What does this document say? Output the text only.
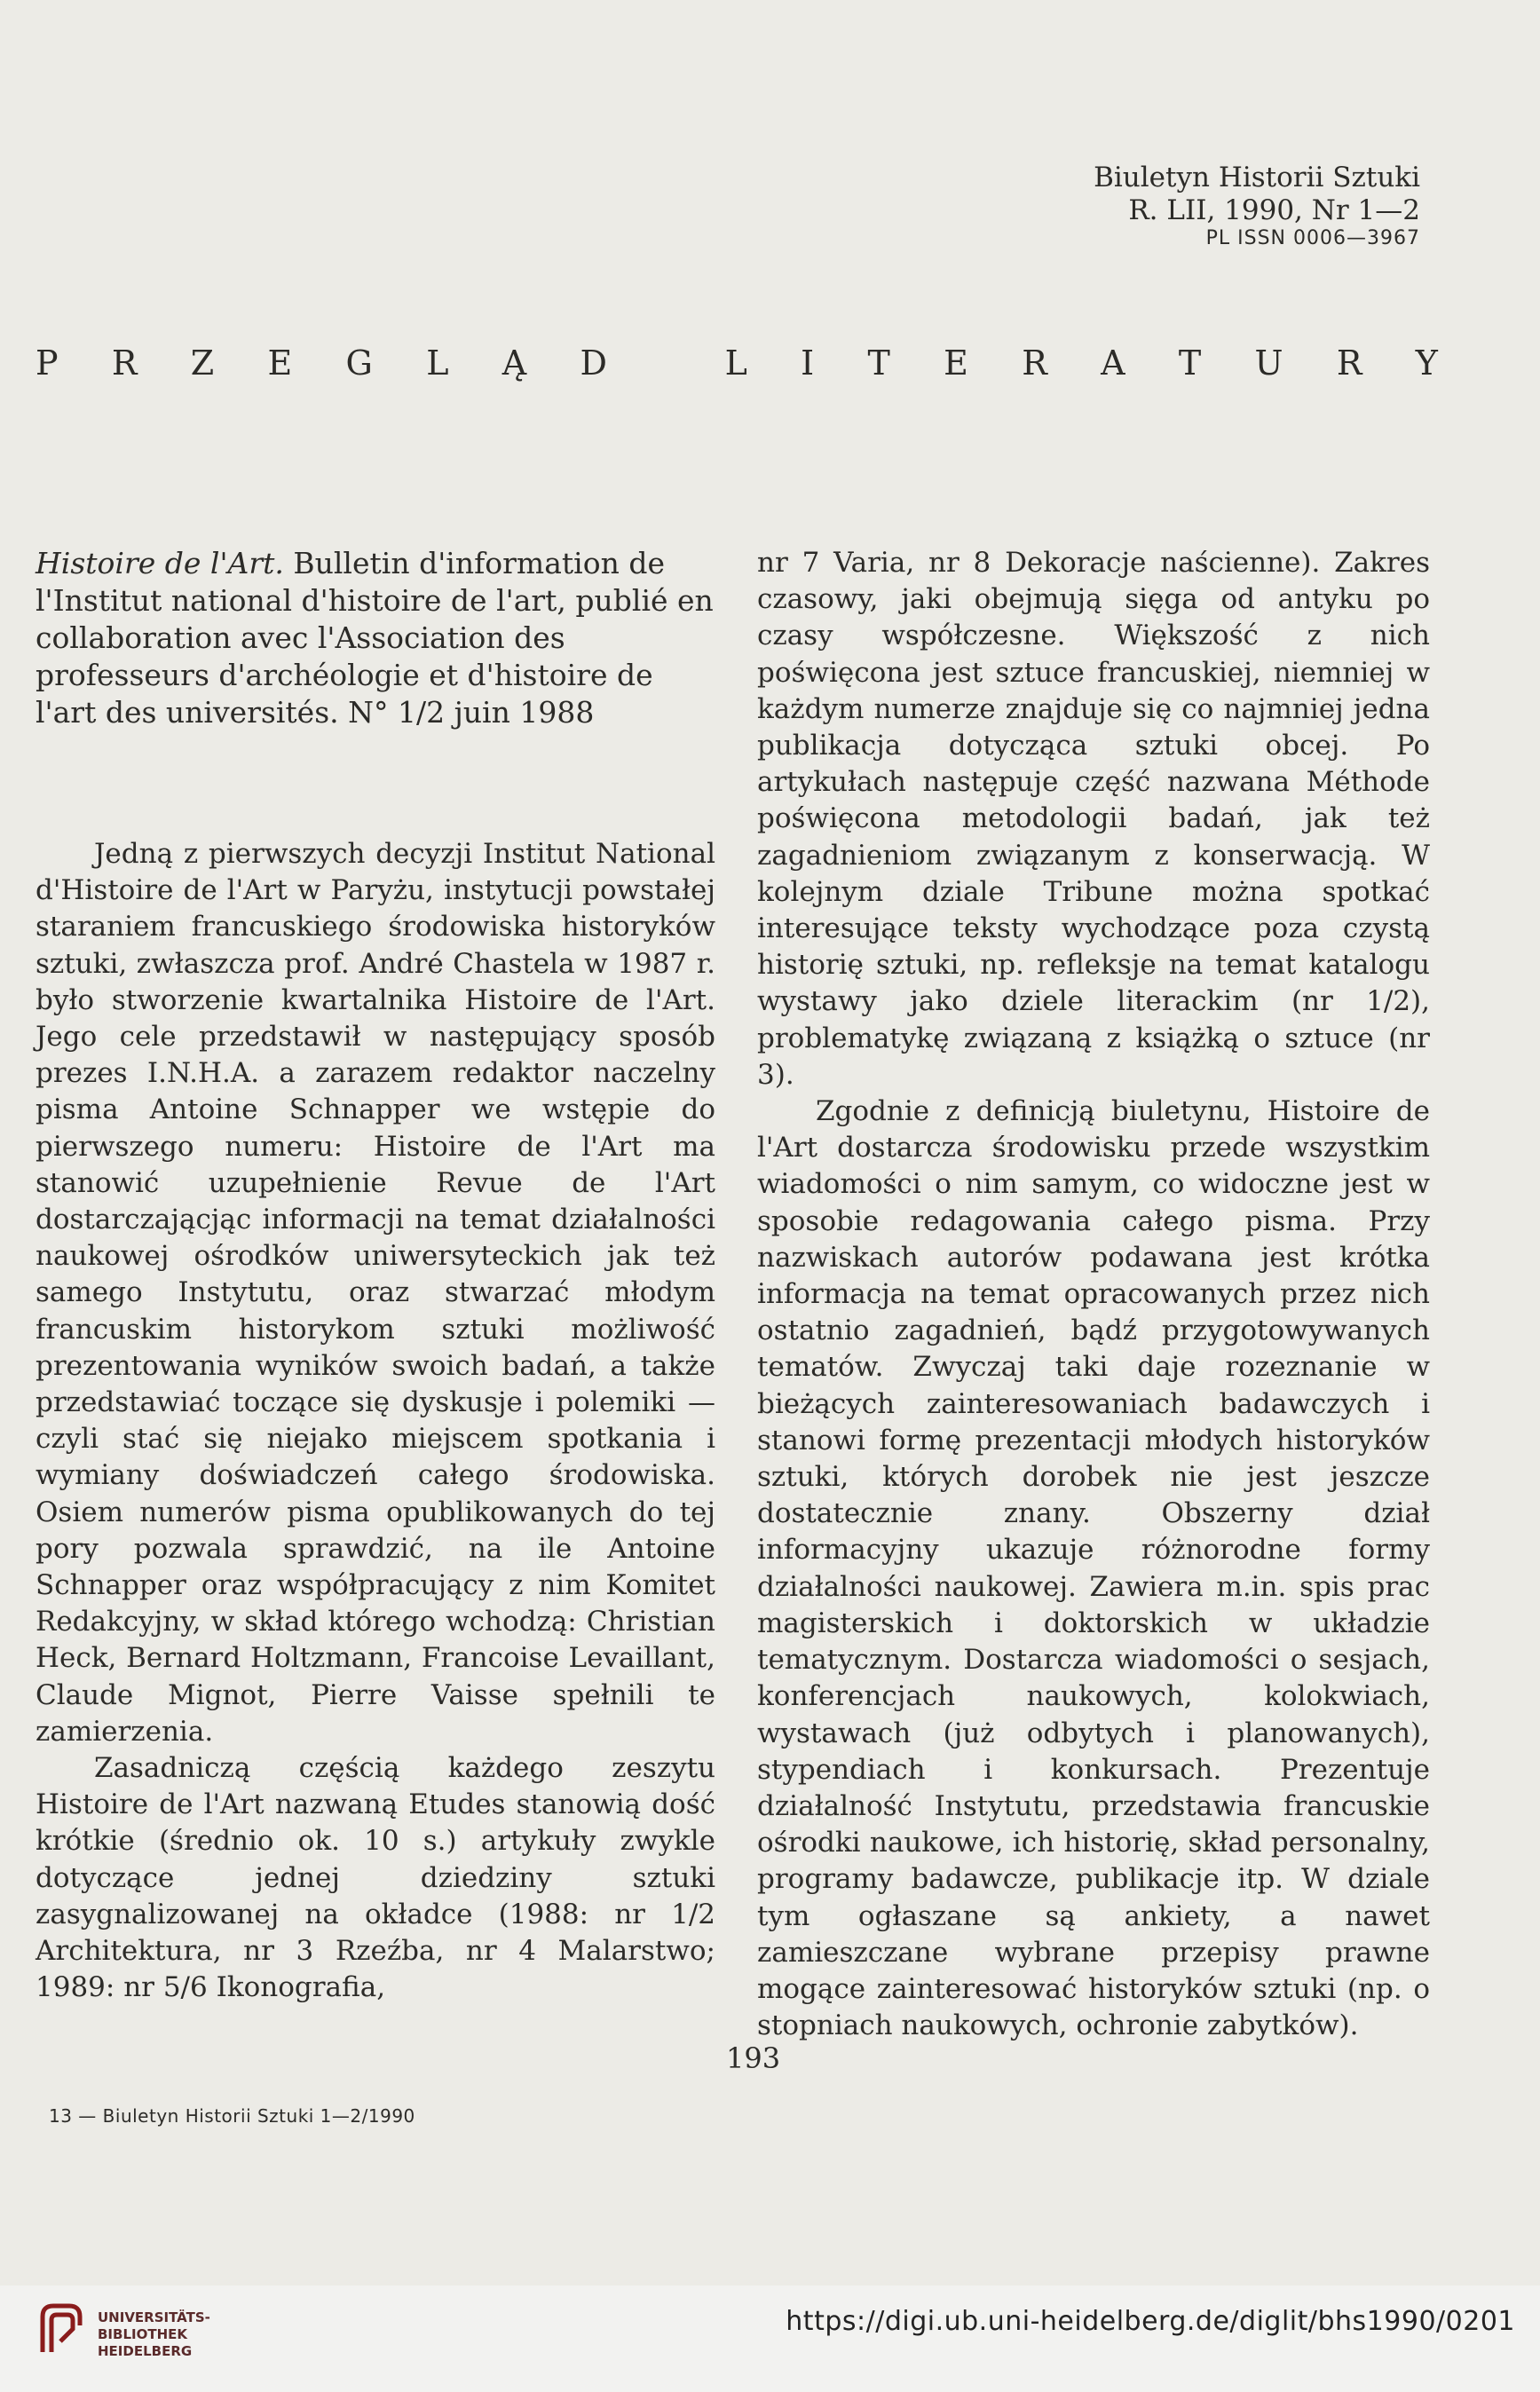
Biuletyn Historii Sztuki
R. LII, 1990, Nr 1—2
PL ISSN 0006—3967
P R Z E G L Ą D
	L I T E R A T U R Y
Histoire de l'Art. Bulletin d'information de l'Institut national d'histoire de l'art, publié en collaboration avec l'Association des professeurs d'archéologie et d'histoire de l'art des universités. N° 1/2 juin 1988

Jedną z pierwszych decyzji Institut National d'Histoire de l'Art w Paryżu, instytucji powstałej staraniem francuskiego środowiska historyków sztuki, zwłaszcza prof. André Chastela w 1987 r. było stworzenie kwartalnika Histoire de l'Art. Jego cele przedstawił w następujący sposób prezes I.N.H.A. a zarazem redaktor naczelny pisma Antoine Schnapper we wstępie do pierwszego numeru: Histoire de l'Art ma stanowić uzupełnienie Revue de l'Art dostarczającjąc informacji na temat działalności naukowej ośrodków uniwersyteckich jak też samego Instytutu, oraz stwarzać młodym francuskim historykom sztuki możliwość prezentowania wyników swoich badań, a także przedstawiać toczące się dyskusje i polemiki — czyli stać się niejako miejscem spotkania i wymiany doświadczeń całego środowiska. Osiem numerów pisma opublikowanych do tej pory pozwala sprawdzić, na ile Antoine Schnapper oraz współpracujący z nim Komitet Redakcyjny, w skład którego wchodzą: Christian Heck, Bernard Holtzmann, Francoise Levaillant, Claude Mignot, Pierre Vaisse spełnili te zamierzenia.

Zasadniczą częścią każdego zeszytu Histoire de l'Art nazwaną Etudes stanowią dość krótkie (średnio ok. 10 s.) artykuły zwykle dotyczące jednej dziedziny sztuki zasygnalizowanej na okładce (1988: nr 1/2 Architektura, nr 3 Rzeźba, nr 4 Malarstwo; 1989: nr 5/6 Ikonografia,

nr 7 Varia, nr 8 Dekoracje naścienne). Zakres czasowy, jaki obejmują sięga od antyku po czasy współczesne. Większość z nich poświęcona jest sztuce francuskiej, niemniej w każdym numerze znajduje się co najmniej jedna publikacja dotycząca sztuki obcej. Po artykułach następuje część nazwana Méthode poświęcona metodologii badań, jak też zagadnieniom związanym z konserwacją. W kolejnym dziale Tribune można spotkać interesujące teksty wychodzące poza czystą historię sztuki, np. refleksje na temat katalogu wystawy jako dziele literackim (nr 1/2), problematykę związaną z książką o sztuce (nr 3).

Zgodnie z definicją biuletynu, Histoire de l'Art dostarcza środowisku przede wszystkim wiadomości o nim samym, co widoczne jest w sposobie redagowania całego pisma. Przy nazwiskach autorów podawana jest krótka informacja na temat opracowanych przez nich ostatnio zagadnień, bądź przygotowywanych tematów. Zwyczaj taki daje rozeznanie w bieżących zainteresowaniach badawczych i stanowi formę prezentacji młodych historyków sztuki, których dorobek nie jest jeszcze dostatecznie znany. Obszerny dział informacyjny ukazuje różnorodne formy działalności naukowej. Zawiera m.in. spis prac magisterskich i doktorskich w układzie tematycznym. Dostarcza wiadomości o sesjach, konferencjach naukowych, kolokwiach, wystawach (już odbytych i planowanych), stypendiach i konkursach. Prezentuje działalność Instytutu, przedstawia francuskie ośrodki naukowe, ich historię, skład personalny, programy badawcze, publikacje itp. W dziale tym ogłaszane są ankiety, a nawet zamieszczane wybrane przepisy prawne mogące zainteresować historyków sztuki (np. o stopniach naukowych, ochronie zabytków).

193
13 — Biuletyn Historii Sztuki 1—2/1990
UNIVERSITÄTS-
BIBLIOTHEK
HEIDELBERG
https://digi.ub.uni-heidelberg.de/diglit/bhs1990/0201
